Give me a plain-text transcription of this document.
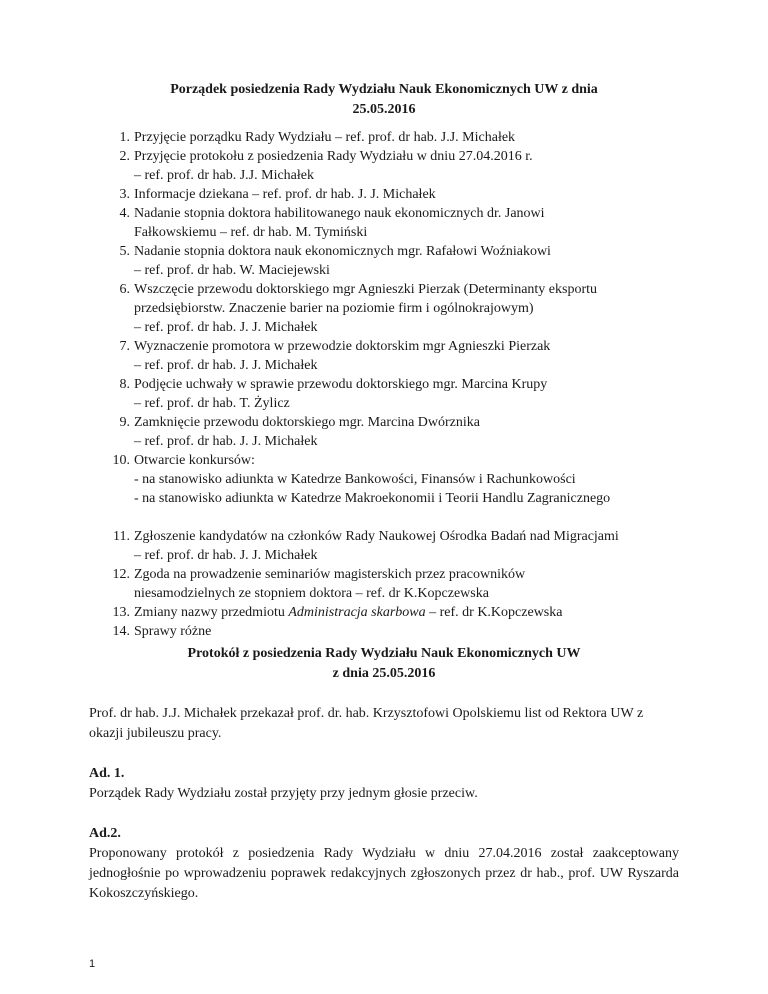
Porządek posiedzenia Rady Wydziału Nauk Ekonomicznych UW z dnia
25.05.2016
1. Przyjęcie porządku Rady Wydziału – ref. prof. dr hab. J.J. Michałek
2. Przyjęcie protokołu z posiedzenia Rady Wydziału w dniu 27.04.2016 r.
– ref. prof. dr hab. J.J. Michałek
3. Informacje dziekana – ref. prof. dr hab. J. J. Michałek
4. Nadanie stopnia doktora habilitowanego nauk ekonomicznych dr. Janowi
Fałkowskiemu – ref. dr hab. M. Tymiński
5. Nadanie stopnia doktora nauk ekonomicznych mgr. Rafałowi Woźniakowi
– ref. prof. dr hab. W. Maciejewski
6. Wszczęcie przewodu doktorskiego mgr Agnieszki Pierzak (Determinanty eksportu
przedsiębiorstw. Znaczenie barier na poziomie firm i ogólnokrajowym)
– ref. prof. dr hab. J. J. Michałek
7. Wyznaczenie promotora w przewodzie doktorskim mgr Agnieszki Pierzak
– ref. prof. dr hab. J. J. Michałek
8. Podjęcie uchwały w sprawie przewodu doktorskiego mgr. Marcina Krupy
– ref. prof. dr hab. T. Żylicz
9. Zamknięcie przewodu doktorskiego mgr. Marcina Dwórznika
– ref. prof. dr hab. J. J. Michałek
10. Otwarcie konkursów:
- na stanowisko adiunkta w Katedrze Bankowości, Finansów i Rachunkowości
- na stanowisko adiunkta w Katedrze Makroekonomii i Teorii Handlu Zagranicznego
11. Zgłoszenie kandydatów na członków Rady Naukowej Ośrodka Badań nad Migracjami
– ref. prof. dr hab. J. J. Michałek
12. Zgoda na prowadzenie seminariów magisterskich przez pracowników
niesamodzielnych ze stopniem doktora – ref. dr K.Kopczewska
13. Zmiany nazwy przedmiotu Administracja skarbowa – ref. dr K.Kopczewska
14. Sprawy różne
Protokół z posiedzenia Rady Wydziału Nauk Ekonomicznych UW
z dnia 25.05.2016

Prof. dr hab. J.J. Michałek przekazał prof. dr. hab. Krzysztofowi Opolskiemu list od Rektora UW z okazji jubileuszu pracy.

Ad. 1.

Porządek Rady Wydziału został przyjęty przy jednym głosie przeciw.

Ad.2.

Proponowany protokół z posiedzenia Rady Wydziału w dniu 27.04.2016 został zaakceptowany jednogłośnie po wprowadzeniu poprawek redakcyjnych zgłoszonych przez dr hab., prof. UW Ryszarda Kokoszczyńskiego.

1
